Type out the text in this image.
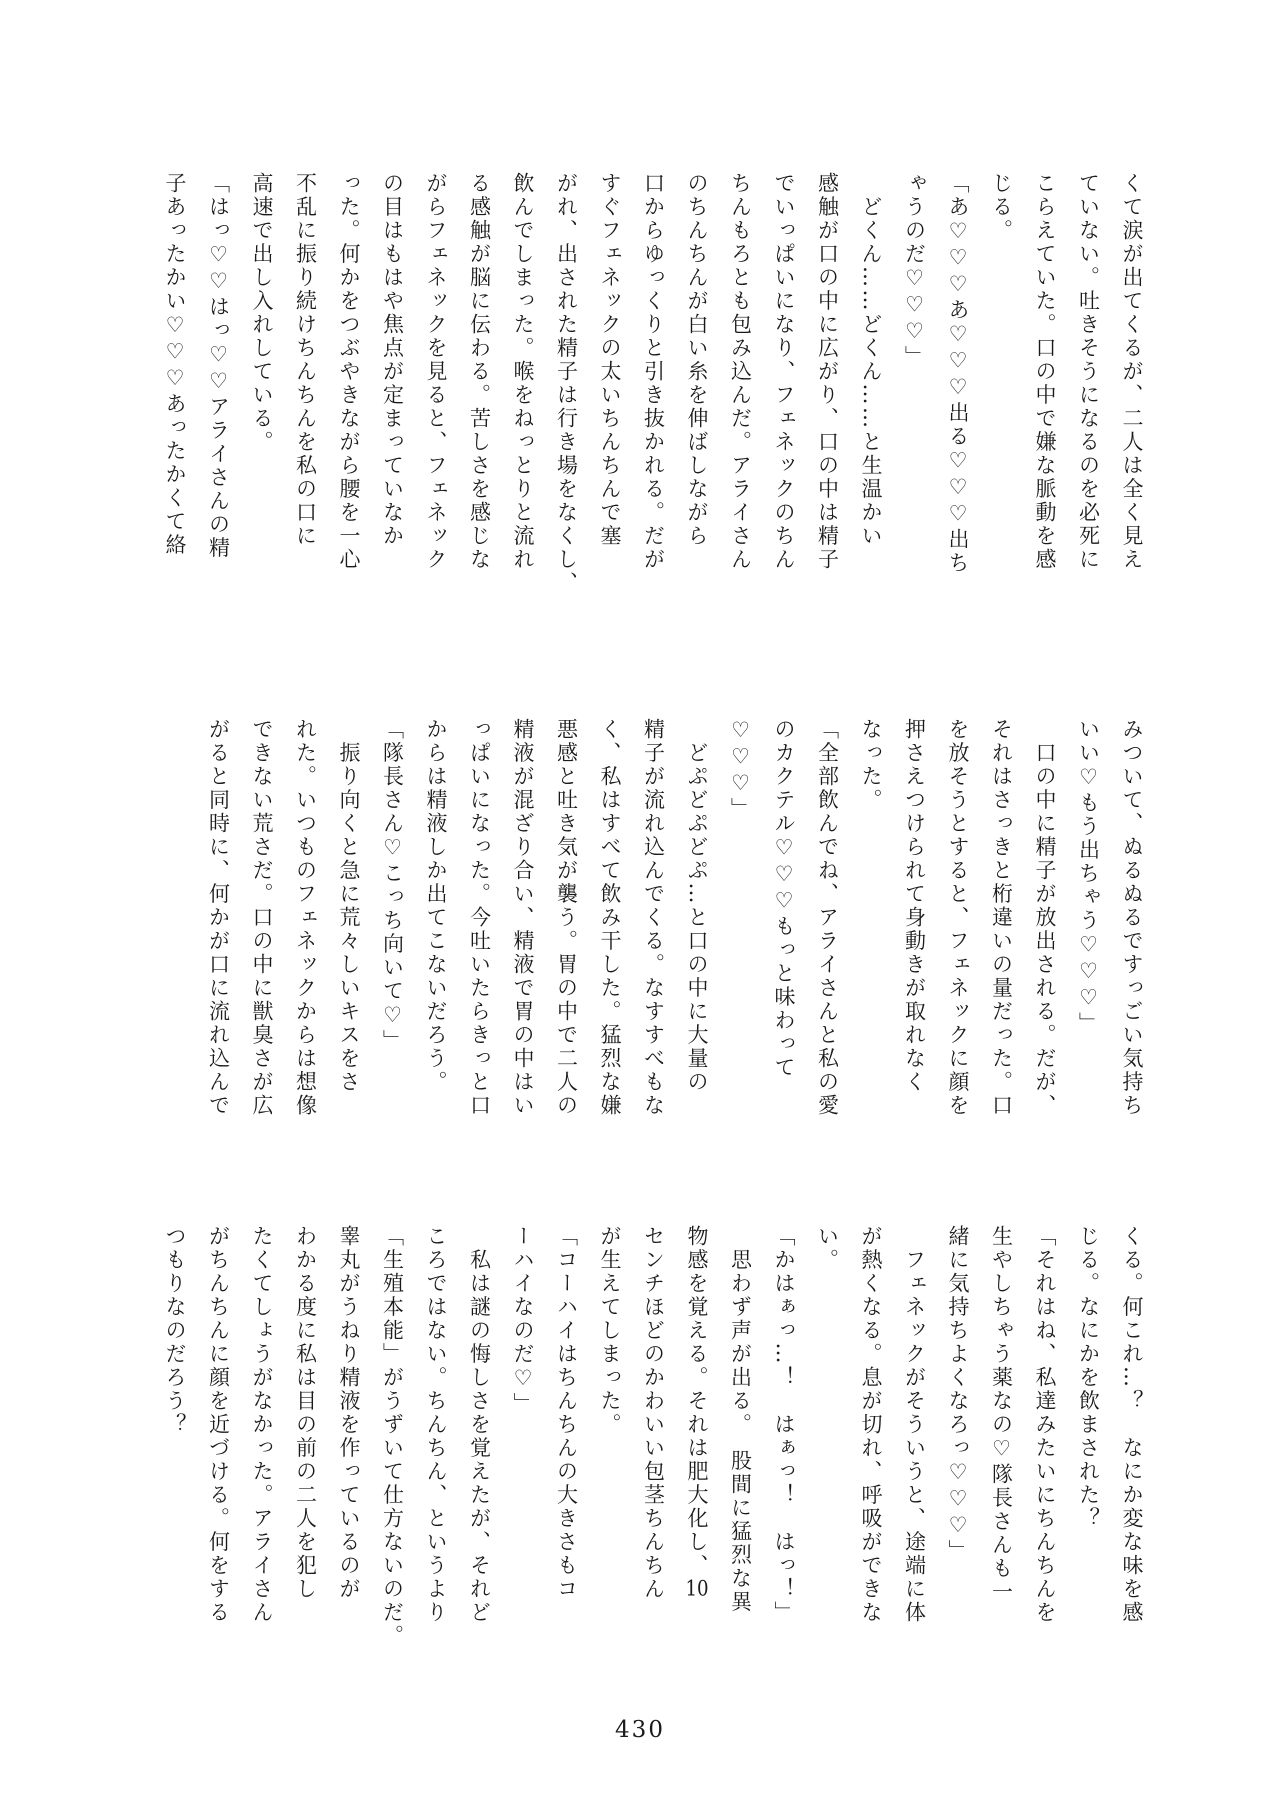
くて涙が出てくるが、二人は全く見え
ていない。吐きそうになるのを必死に
こらえていた。口の中で嫌な脈動を感
じる。
「あ♡♡♡あ♡♡♡出る♡♡♡出ち
ゃうのだ♡♡♡」
　どくん……どくん……と生温かい
感触が口の中に広がり、口の中は精子
でいっぱいになり、フェネックのちん
ちんもろとも包み込んだ。アライさん
のちんちんが白い糸を伸ばしながら
口からゆっくりと引き抜かれる。だが
すぐフェネックの太いちんちんで塞
がれ、出された精子は行き場をなくし、
飲んでしまった。喉をねっとりと流れ
る感触が脳に伝わる。苦しさを感じな
がらフェネックを見ると、フェネック
の目はもはや焦点が定まっていなか
った。何かをつぶやきながら腰を一心
不乱に振り続けちんちんを私の口に
高速で出し入れしている。
「はっ♡♡はっ♡♡アライさんの精
子あったかい♡♡♡あったかくて絡
みついて、ぬるぬるですっごい気持ち
いい♡もう出ちゃう♡♡♡」
　口の中に精子が放出される。だが、
それはさっきと桁違いの量だった。口
を放そうとすると、フェネックに顔を
押さえつけられて身動きが取れなく
なった。
「全部飲んでね、アライさんと私の愛
のカクテル♡♡♡もっと味わって
♡♡♡」
　どぷどぷどぷ…と口の中に大量の
精子が流れ込んでくる。なすすべもな
く、私はすべて飲み干した。猛烈な嫌
悪感と吐き気が襲う。胃の中で二人の
精液が混ざり合い、精液で胃の中はい
っぱいになった。今吐いたらきっと口
からは精液しか出てこないだろう。
「隊長さん♡こっち向いて♡」
　振り向くと急に荒々しいキスをさ
れた。いつものフェネックからは想像
できない荒さだ。口の中に獣臭さが広
がると同時に、何かが口に流れ込んで
くる。何これ…？　なにか変な味を感
じる。なにかを飲まされた？
「それはね、私達みたいにちんちんを
生やしちゃう薬なの♡隊長さんも一
緒に気持ちよくなろっ♡♡♡」
　フェネックがそういうと、途端に体
が熱くなる。息が切れ、呼吸ができな
い。
「かはぁっ…！　はぁっ！　はっ！」
　思わず声が出る。　股間に猛烈な異
物感を覚える。それは肥大化し、10
センチほどのかわいい包茎ちんちん
が生えてしまった。
「コーハイはちんちんの大きさもコ
ーハイなのだ♡」
　私は謎の悔しさを覚えたが、それど
ころではない。ちんちん、というより
「生殖本能」がうずいて仕方ないのだ。
睾丸がうねり精液を作っているのが
わかる度に私は目の前の二人を犯し
たくてしょうがなかった。アライさん
がちんちんに顔を近づける。何をする
つもりなのだろう？
430
